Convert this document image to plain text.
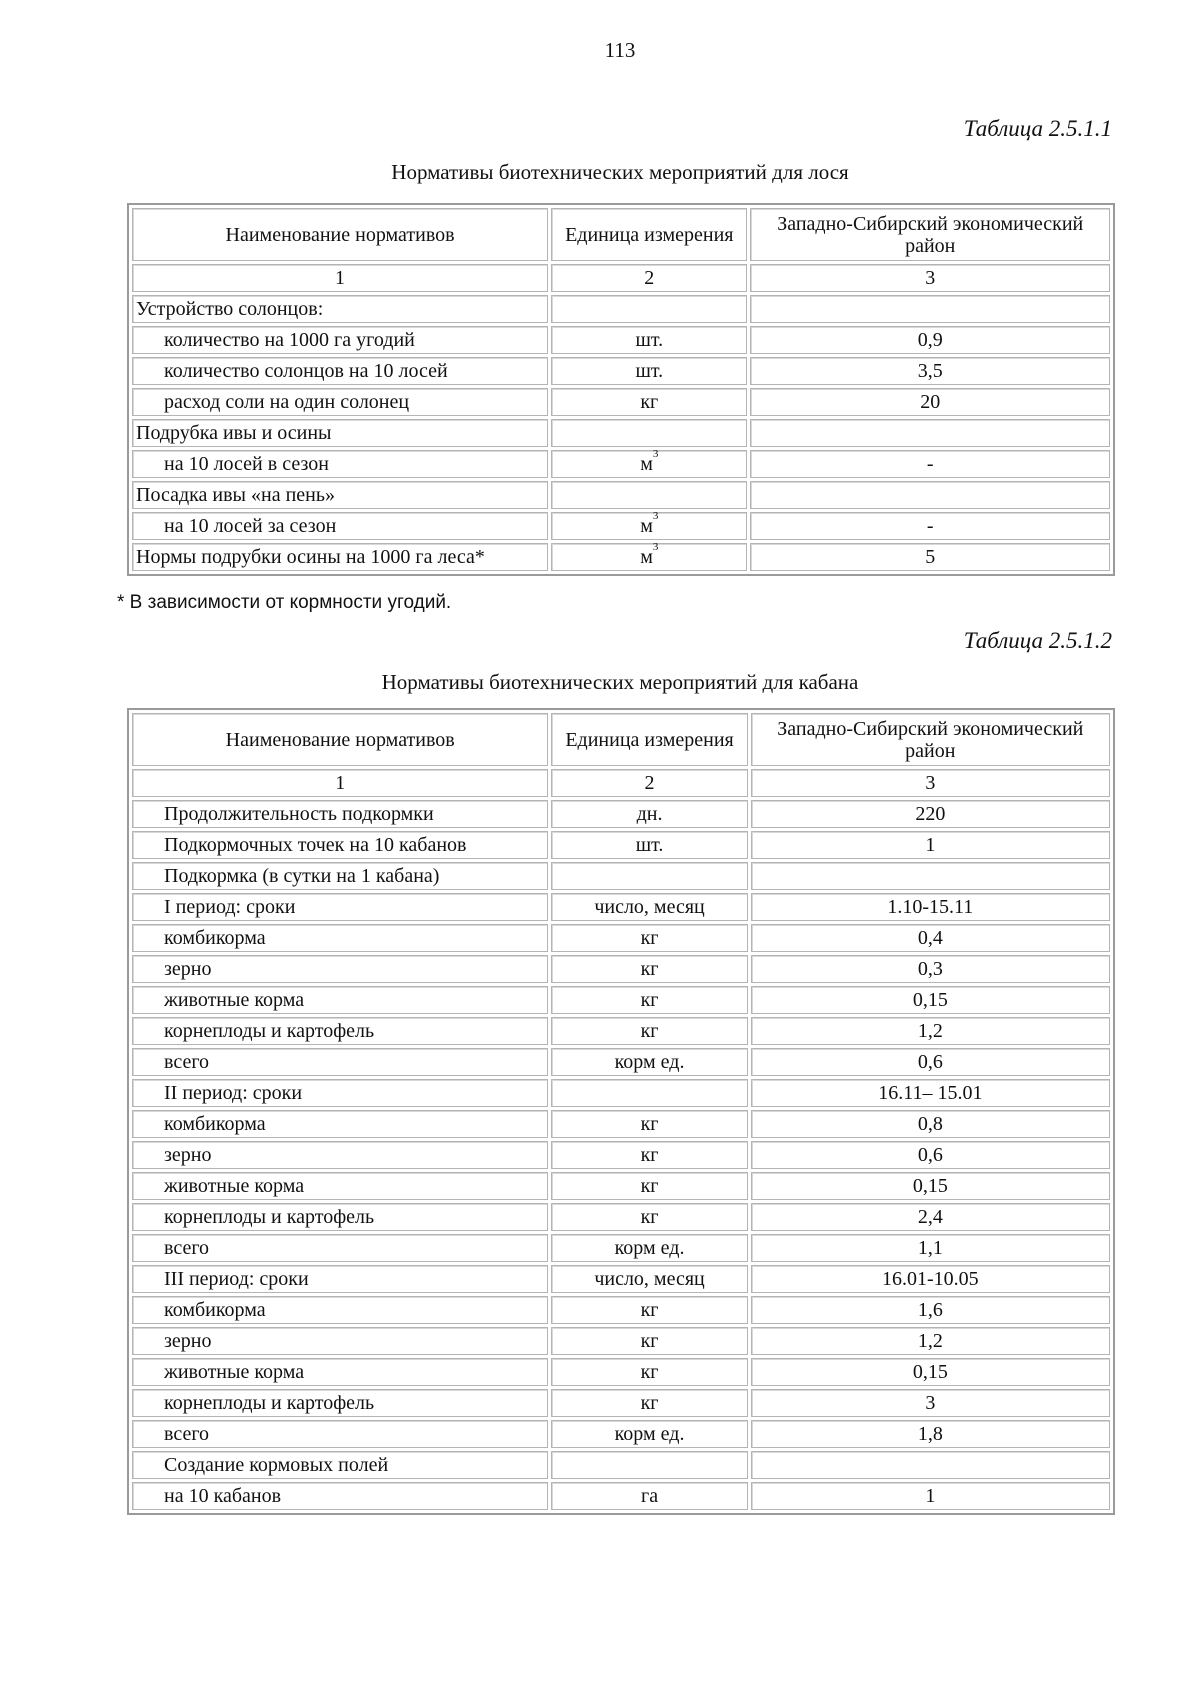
113
Таблица 2.5.1.1
Нормативы биотехнических мероприятий для лося
Наименование нормативов	Единица измерения	Западно-Сибирский экономический район
1	2	3
Устройство солонцов:		
количество на 1000 га угодий	шт.	0,9
количество солонцов на 10 лосей	шт.	3,5
расход соли на один солонец	кг	20
Подрубка ивы и осины		
на 10 лосей в сезон	$м^3$	-
Посадка ивы «на пень»		
на 10 лосей за сезон	$м^3$	-
Нормы подрубки осины на 1000 га леса*	$м^3$	5
* В зависимости от кормности угодий.
Таблица 2.5.1.2
Нормативы биотехнических мероприятий для кабана
Наименование нормативов	Единица измерения	Западно-Сибирский экономический район
1	2	3
Продолжительность подкормки	дн.	220
Подкормочных точек на 10 кабанов	шт.	1
Подкормка (в сутки на 1 кабана)		
I период: сроки	число, месяц	1.10-15.11
комбикорма	кг	0,4
зерно	кг	0,3
животные корма	кг	0,15
корнеплоды и картофель	кг	1,2
всего	корм ед.	0,6
II период: сроки		16.11– 15.01
комбикорма	кг	0,8
зерно	кг	0,6
животные корма	кг	0,15
корнеплоды и картофель	кг	2,4
всего	корм ед.	1,1
III период: сроки	число, месяц	16.01-10.05
комбикорма	кг	1,6
зерно	кг	1,2
животные корма	кг	0,15
корнеплоды и картофель	кг	3
всего	корм ед.	1,8
Создание кормовых полей		
на 10 кабанов	га	1
